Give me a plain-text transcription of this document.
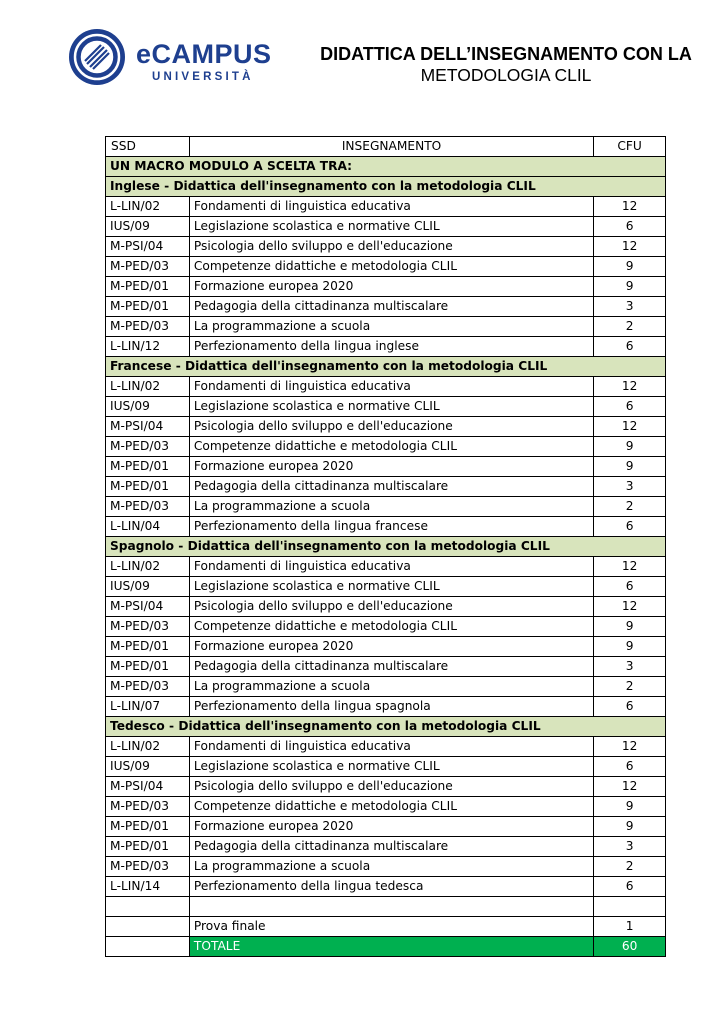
eCAMPUS
UNIVERSITÀ
DIDATTICA DELL’INSEGNAMENTO CON LA
METODOLOGIA CLIL
SSD	INSEGNAMENTO	CFU
UN MACRO MODULO A SCELTA TRA:		
Inglese - Didattica dell'insegnamento con la metodologia CLIL		
L-LIN/02	Fondamenti di linguistica educativa	12
IUS/09	Legislazione scolastica e normative CLIL	6
M-PSI/04	Psicologia dello sviluppo e dell'educazione	12
M-PED/03	Competenze didattiche e metodologia CLIL	9
M-PED/01	Formazione europea 2020	9
M-PED/01	Pedagogia della cittadinanza multiscalare	3
M-PED/03	La programmazione a scuola	2
L-LIN/12	Perfezionamento della lingua inglese	6
Francese - Didattica dell'insegnamento con la metodologia CLIL		
L-LIN/02	Fondamenti di linguistica educativa	12
IUS/09	Legislazione scolastica e normative CLIL	6
M-PSI/04	Psicologia dello sviluppo e dell'educazione	12
M-PED/03	Competenze didattiche e metodologia CLIL	9
M-PED/01	Formazione europea 2020	9
M-PED/01	Pedagogia della cittadinanza multiscalare	3
M-PED/03	La programmazione a scuola	2
L-LIN/04	Perfezionamento della lingua francese	6
Spagnolo - Didattica dell'insegnamento con la metodologia CLIL		
L-LIN/02	Fondamenti di linguistica educativa	12
IUS/09	Legislazione scolastica e normative CLIL	6
M-PSI/04	Psicologia dello sviluppo e dell'educazione	12
M-PED/03	Competenze didattiche e metodologia CLIL	9
M-PED/01	Formazione europea 2020	9
M-PED/01	Pedagogia della cittadinanza multiscalare	3
M-PED/03	La programmazione a scuola	2
L-LIN/07	Perfezionamento della lingua spagnola	6
Tedesco - Didattica dell'insegnamento con la metodologia CLIL		
L-LIN/02	Fondamenti di linguistica educativa	12
IUS/09	Legislazione scolastica e normative CLIL	6
M-PSI/04	Psicologia dello sviluppo e dell'educazione	12
M-PED/03	Competenze didattiche e metodologia CLIL	9
M-PED/01	Formazione europea 2020	9
M-PED/01	Pedagogia della cittadinanza multiscalare	3
M-PED/03	La programmazione a scuola	2
L-LIN/14	Perfezionamento della lingua tedesca	6

	Prova finale	1
	TOTALE	60
